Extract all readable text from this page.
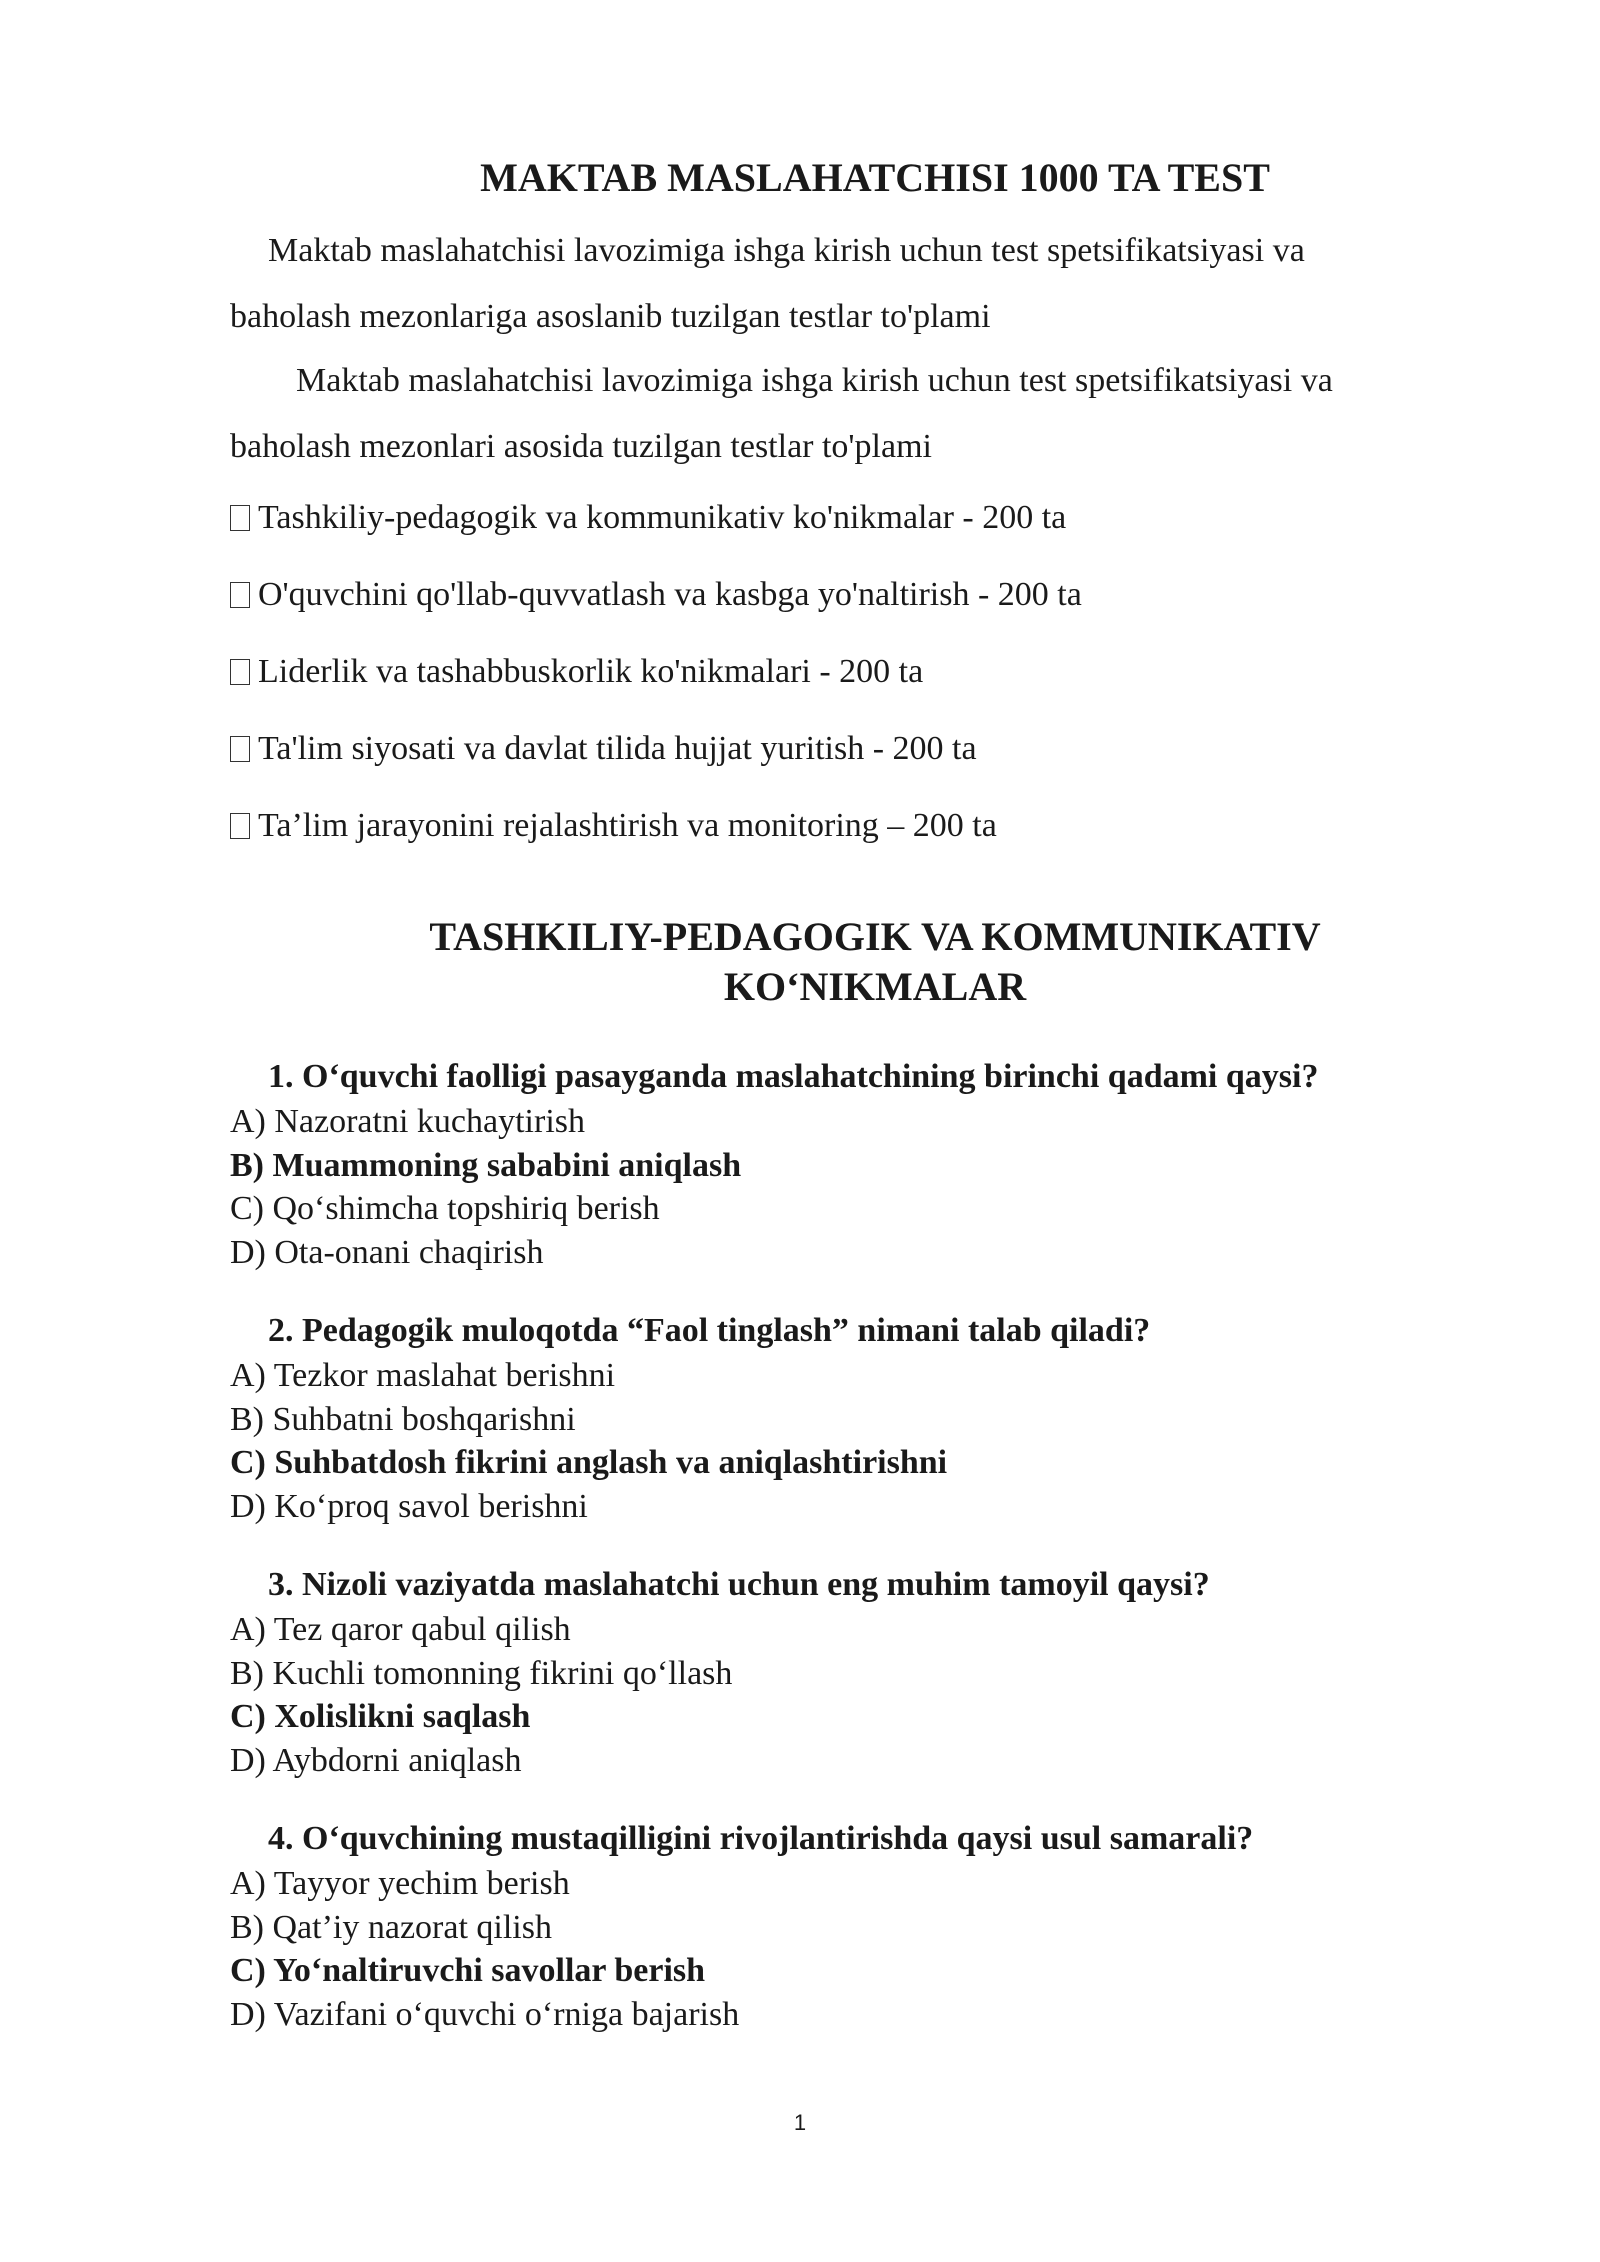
MAKTAB MASLAHATCHISI 1000 TA TEST

Maktab maslahatchisi lavozimiga ishga kirish uchun test spetsifikatsiyasi va
baholash mezonlariga asoslanib tuzilgan testlar to'plami

Maktab maslahatchisi lavozimiga ishga kirish uchun test spetsifikatsiyasi va
baholash mezonlari asosida tuzilgan testlar to'plami

Tashkiliy-pedagogik va kommunikativ ko'nikmalar - 200 ta
O'quvchini qo'llab-quvvatlash va kasbga yo'naltirish - 200 ta
Liderlik va tashabbuskorlik ko'nikmalari - 200 ta
Ta'lim siyosati va davlat tilida hujjat yuritish - 200 ta
Ta’lim jarayonini rejalashtirish va monitoring – 200 ta
TASHKILIY-PEDAGOGIK VA KOMMUNIKATIV
KO‘NIKMALAR

1. O‘quvchi faolligi pasayganda maslahatchining birinchi qadami qaysi?

A) Nazoratni kuchaytirish
B) Muammoning sababini aniqlash
C) Qo‘shimcha topshiriq berish
D) Ota-onani chaqirish

2. Pedagogik muloqotda “Faol tinglash” nimani talab qiladi?

A) Tezkor maslahat berishni
B) Suhbatni boshqarishni
C) Suhbatdosh fikrini anglash va aniqlashtirishni
D) Ko‘proq savol berishni

3. Nizoli vaziyatda maslahatchi uchun eng muhim tamoyil qaysi?

A) Tez qaror qabul qilish
B) Kuchli tomonning fikrini qo‘llash
C) Xolislikni saqlash
D) Aybdorni aniqlash

4. O‘quvchining mustaqilligini rivojlantirishda qaysi usul samarali?

A) Tayyor yechim berish
B) Qat’iy nazorat qilish
C) Yo‘naltiruvchi savollar berish
D) Vazifani o‘quvchi o‘rniga bajarish

1
